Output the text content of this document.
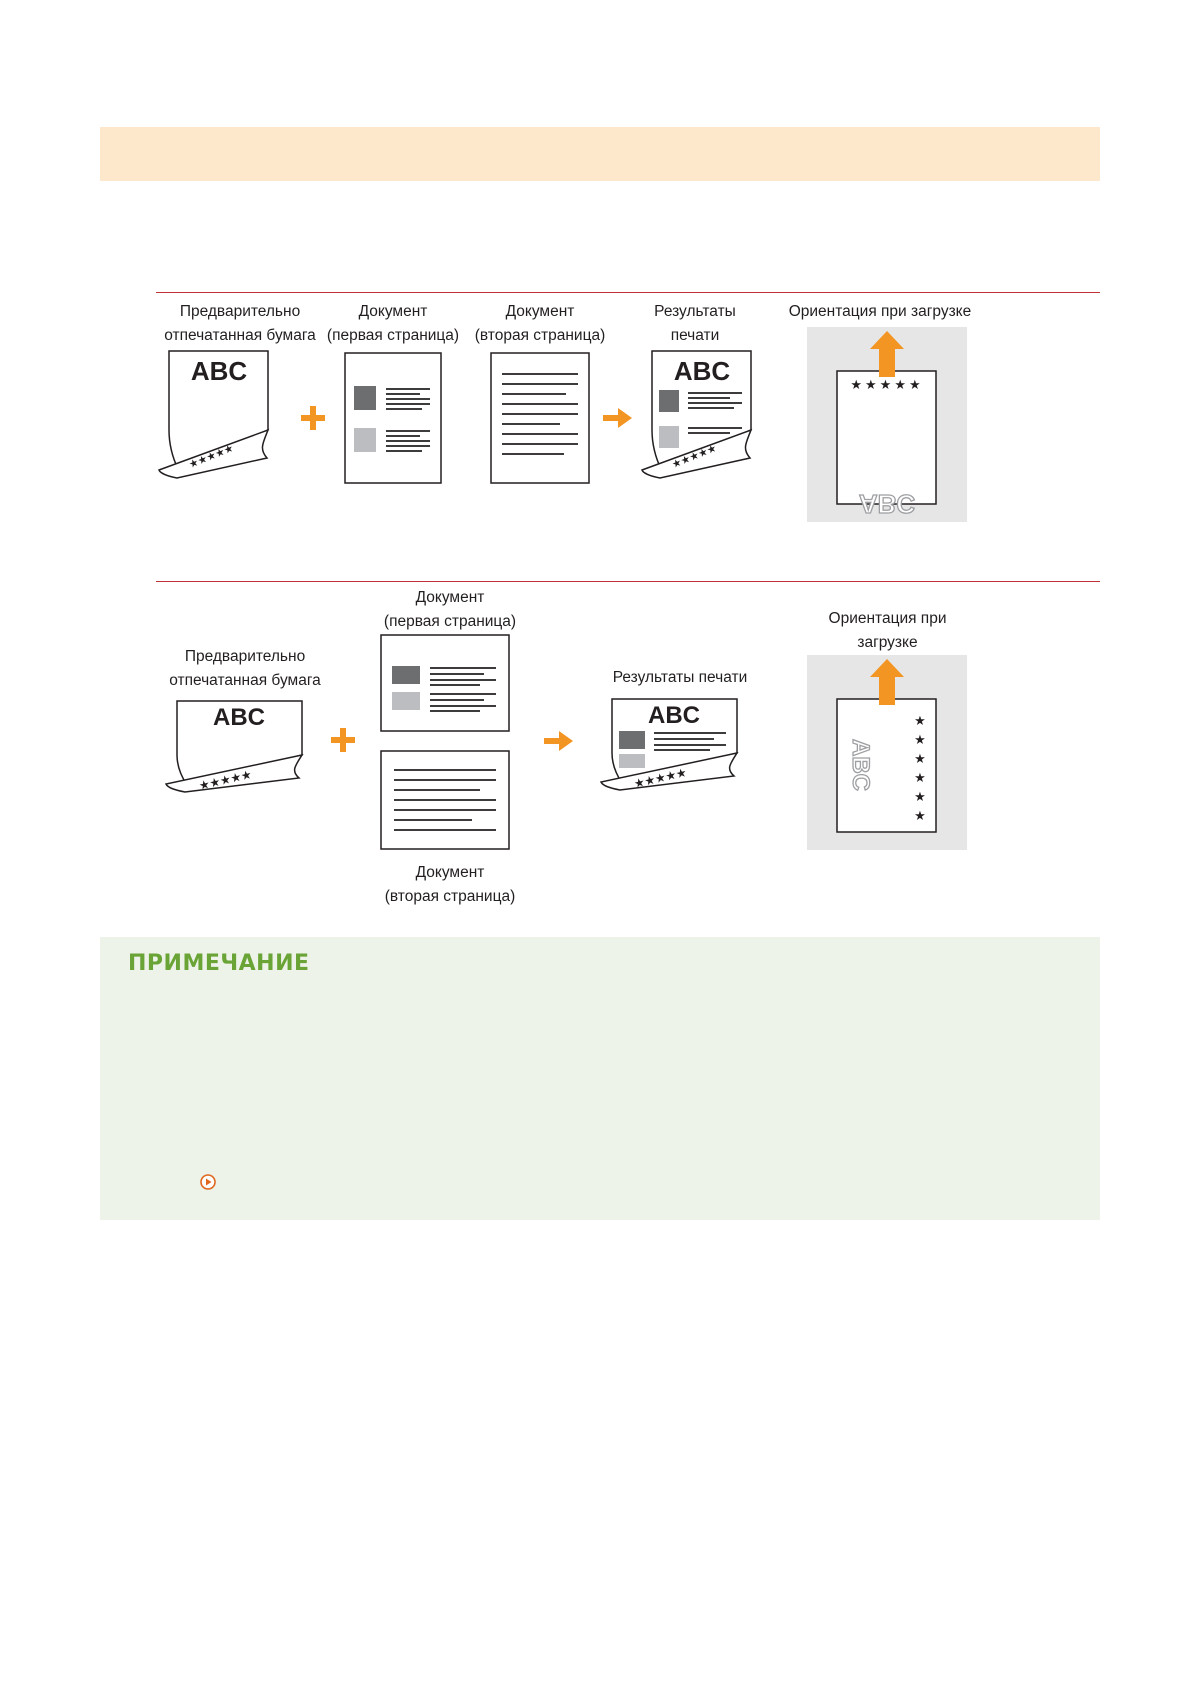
Предварительно
отпечатанная бумага
Документ
(первая страница)
Документ
(вторая страница)
Результаты
печати
Ориентация при загрузке
ABC	ABC	★★★★★
ABC
Документ
(первая страница)	Ориентация при
загрузке
Предварительно
отпечатанная бумага	Результаты печати
Документ
(вторая страница)
ABC	ABC	★
★
★
★
★
★
ABC
ПРИМЕЧАНИЕ
